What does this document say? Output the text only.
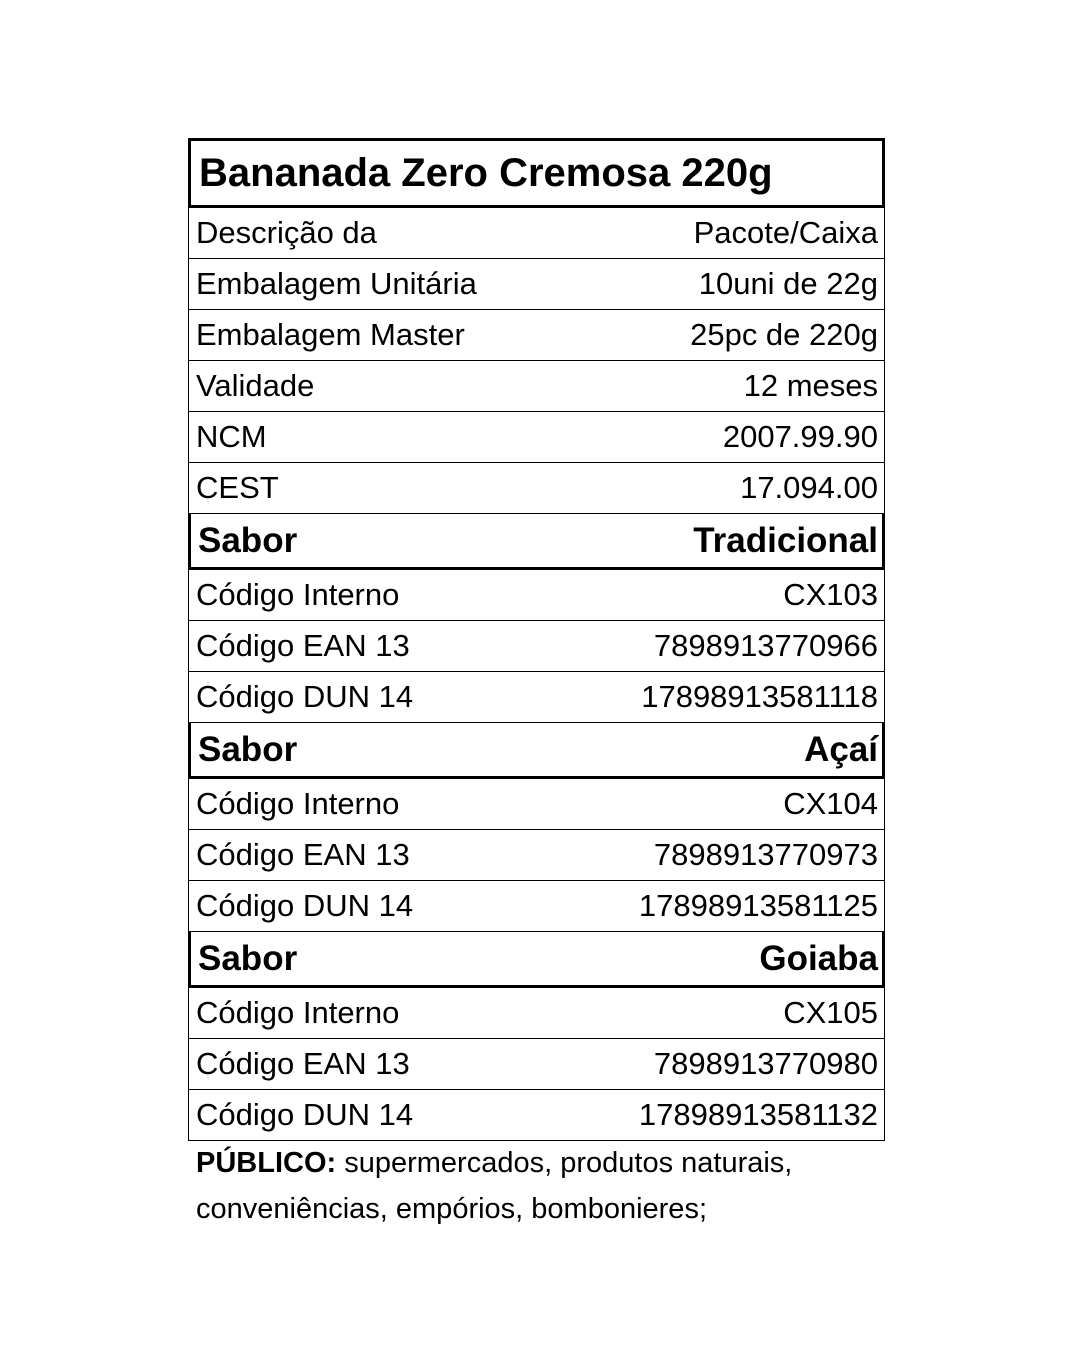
Bananada Zero Cremosa 220g
Descrição da	Pacote/Caixa
Embalagem Unitária	10uni de 22g
Embalagem Master	25pc de 220g
Validade	12 meses
NCM	2007.99.90
CEST	17.094.00
Sabor	Tradicional
Código Interno	CX103
Código EAN 13	7898913770966
Código DUN 14	17898913581118
Sabor	Açaí
Código Interno	CX104
Código EAN 13	7898913770973
Código DUN 14	17898913581125
Sabor	Goiaba
Código Interno	CX105
Código EAN 13	7898913770980
Código DUN 14	17898913581132
PÚBLICO: supermercados, produtos naturais,
conveniências, empórios, bombonieres;
